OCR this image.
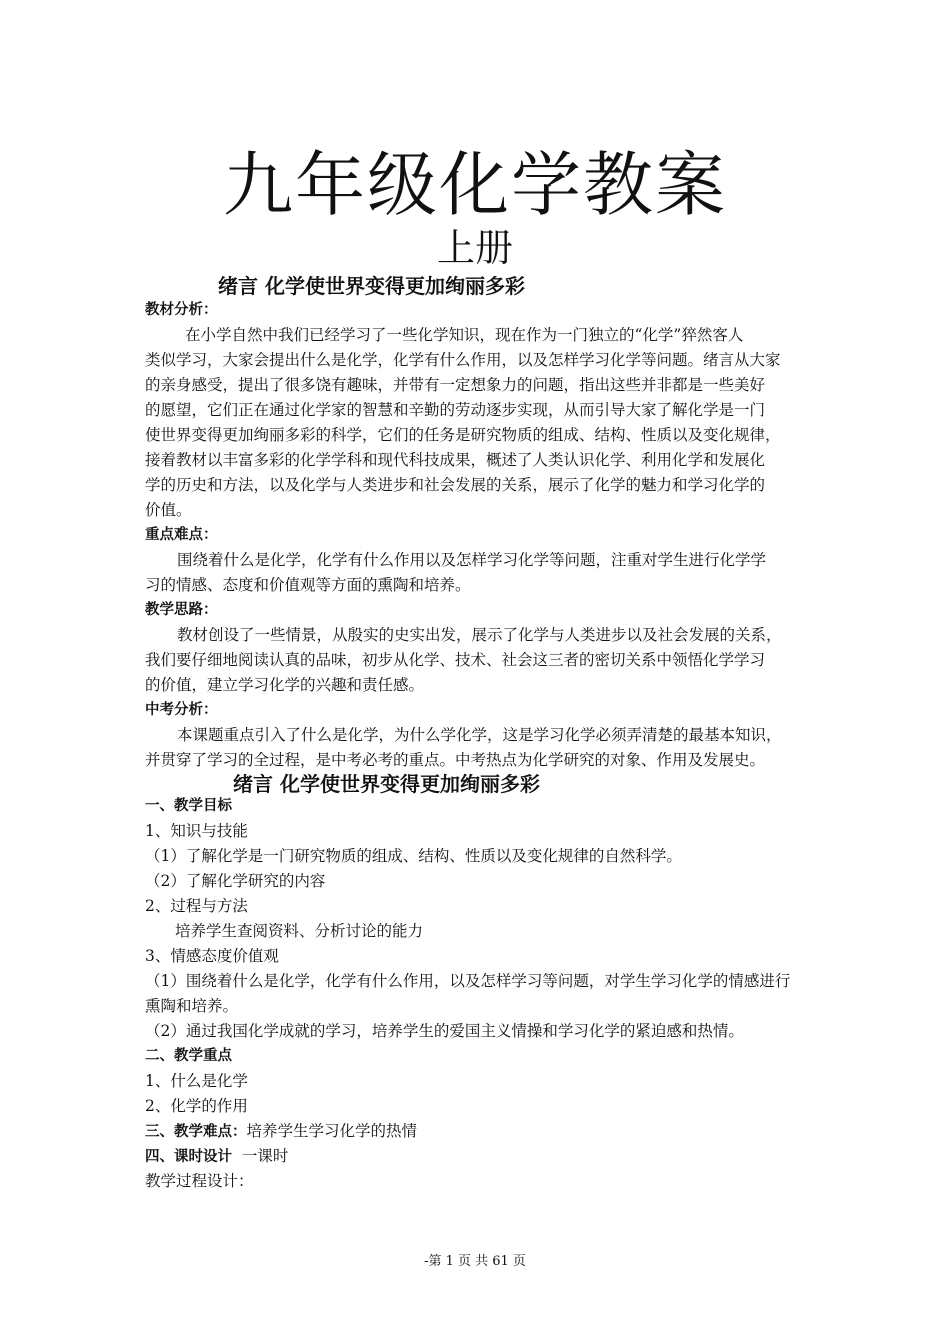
九年级化学教案
上册
绪言 化学使世界变得更加绚丽多彩
教材分析：
在小学自然中我们已经学习了一些化学知识，现在作为一门独立的“化学”猝然客人
类似学习，大家会提出什么是化学，化学有什么作用，以及怎样学习化学等问题。绪言从大家
的亲身感受，提出了很多饶有趣味，并带有一定想象力的问题，指出这些并非都是一些美好
的愿望，它们正在通过化学家的智慧和辛勤的劳动逐步实现，从而引导大家了解化学是一门
使世界变得更加绚丽多彩的科学，它们的任务是研究物质的组成、结构、性质以及变化规律，
接着教材以丰富多彩的化学学科和现代科技成果，概述了人类认识化学、利用化学和发展化
学的历史和方法，以及化学与人类进步和社会发展的关系，展示了化学的魅力和学习化学的
价值。
重点难点：
围绕着什么是化学，化学有什么作用以及怎样学习化学等问题，注重对学生进行化学学
习的情感、态度和价值观等方面的熏陶和培养。
教学思路：
教材创设了一些情景，从殷实的史实出发，展示了化学与人类进步以及社会发展的关系，
我们要仔细地阅读认真的品味，初步从化学、技术、社会这三者的密切关系中领悟化学学习
的价值，建立学习化学的兴趣和责任感。
中考分析：
本课题重点引入了什么是化学，为什么学化学，这是学习化学必须弄清楚的最基本知识，
并贯穿了学习的全过程，是中考必考的重点。中考热点为化学研究的对象、作用及发展史。
绪言 化学使世界变得更加绚丽多彩
一、教学目标
1、知识与技能
（1）了解化学是一门研究物质的组成、结构、性质以及变化规律的自然科学。
（2）了解化学研究的内容
2、过程与方法
培养学生查阅资料、分析讨论的能力
3、情感态度价值观
（1）围绕着什么是化学，化学有什么作用，以及怎样学习等问题，对学生学习化学的情感进行
熏陶和培养。
（2）通过我国化学成就的学习，培养学生的爱国主义情操和学习化学的紧迫感和热情。
二、教学重点
1、什么是化学
2、化学的作用
三、教学难点：培养学生学习化学的热情
四、课时设计  一课时
教学过程设计：
-第 1 页 共 61 页
